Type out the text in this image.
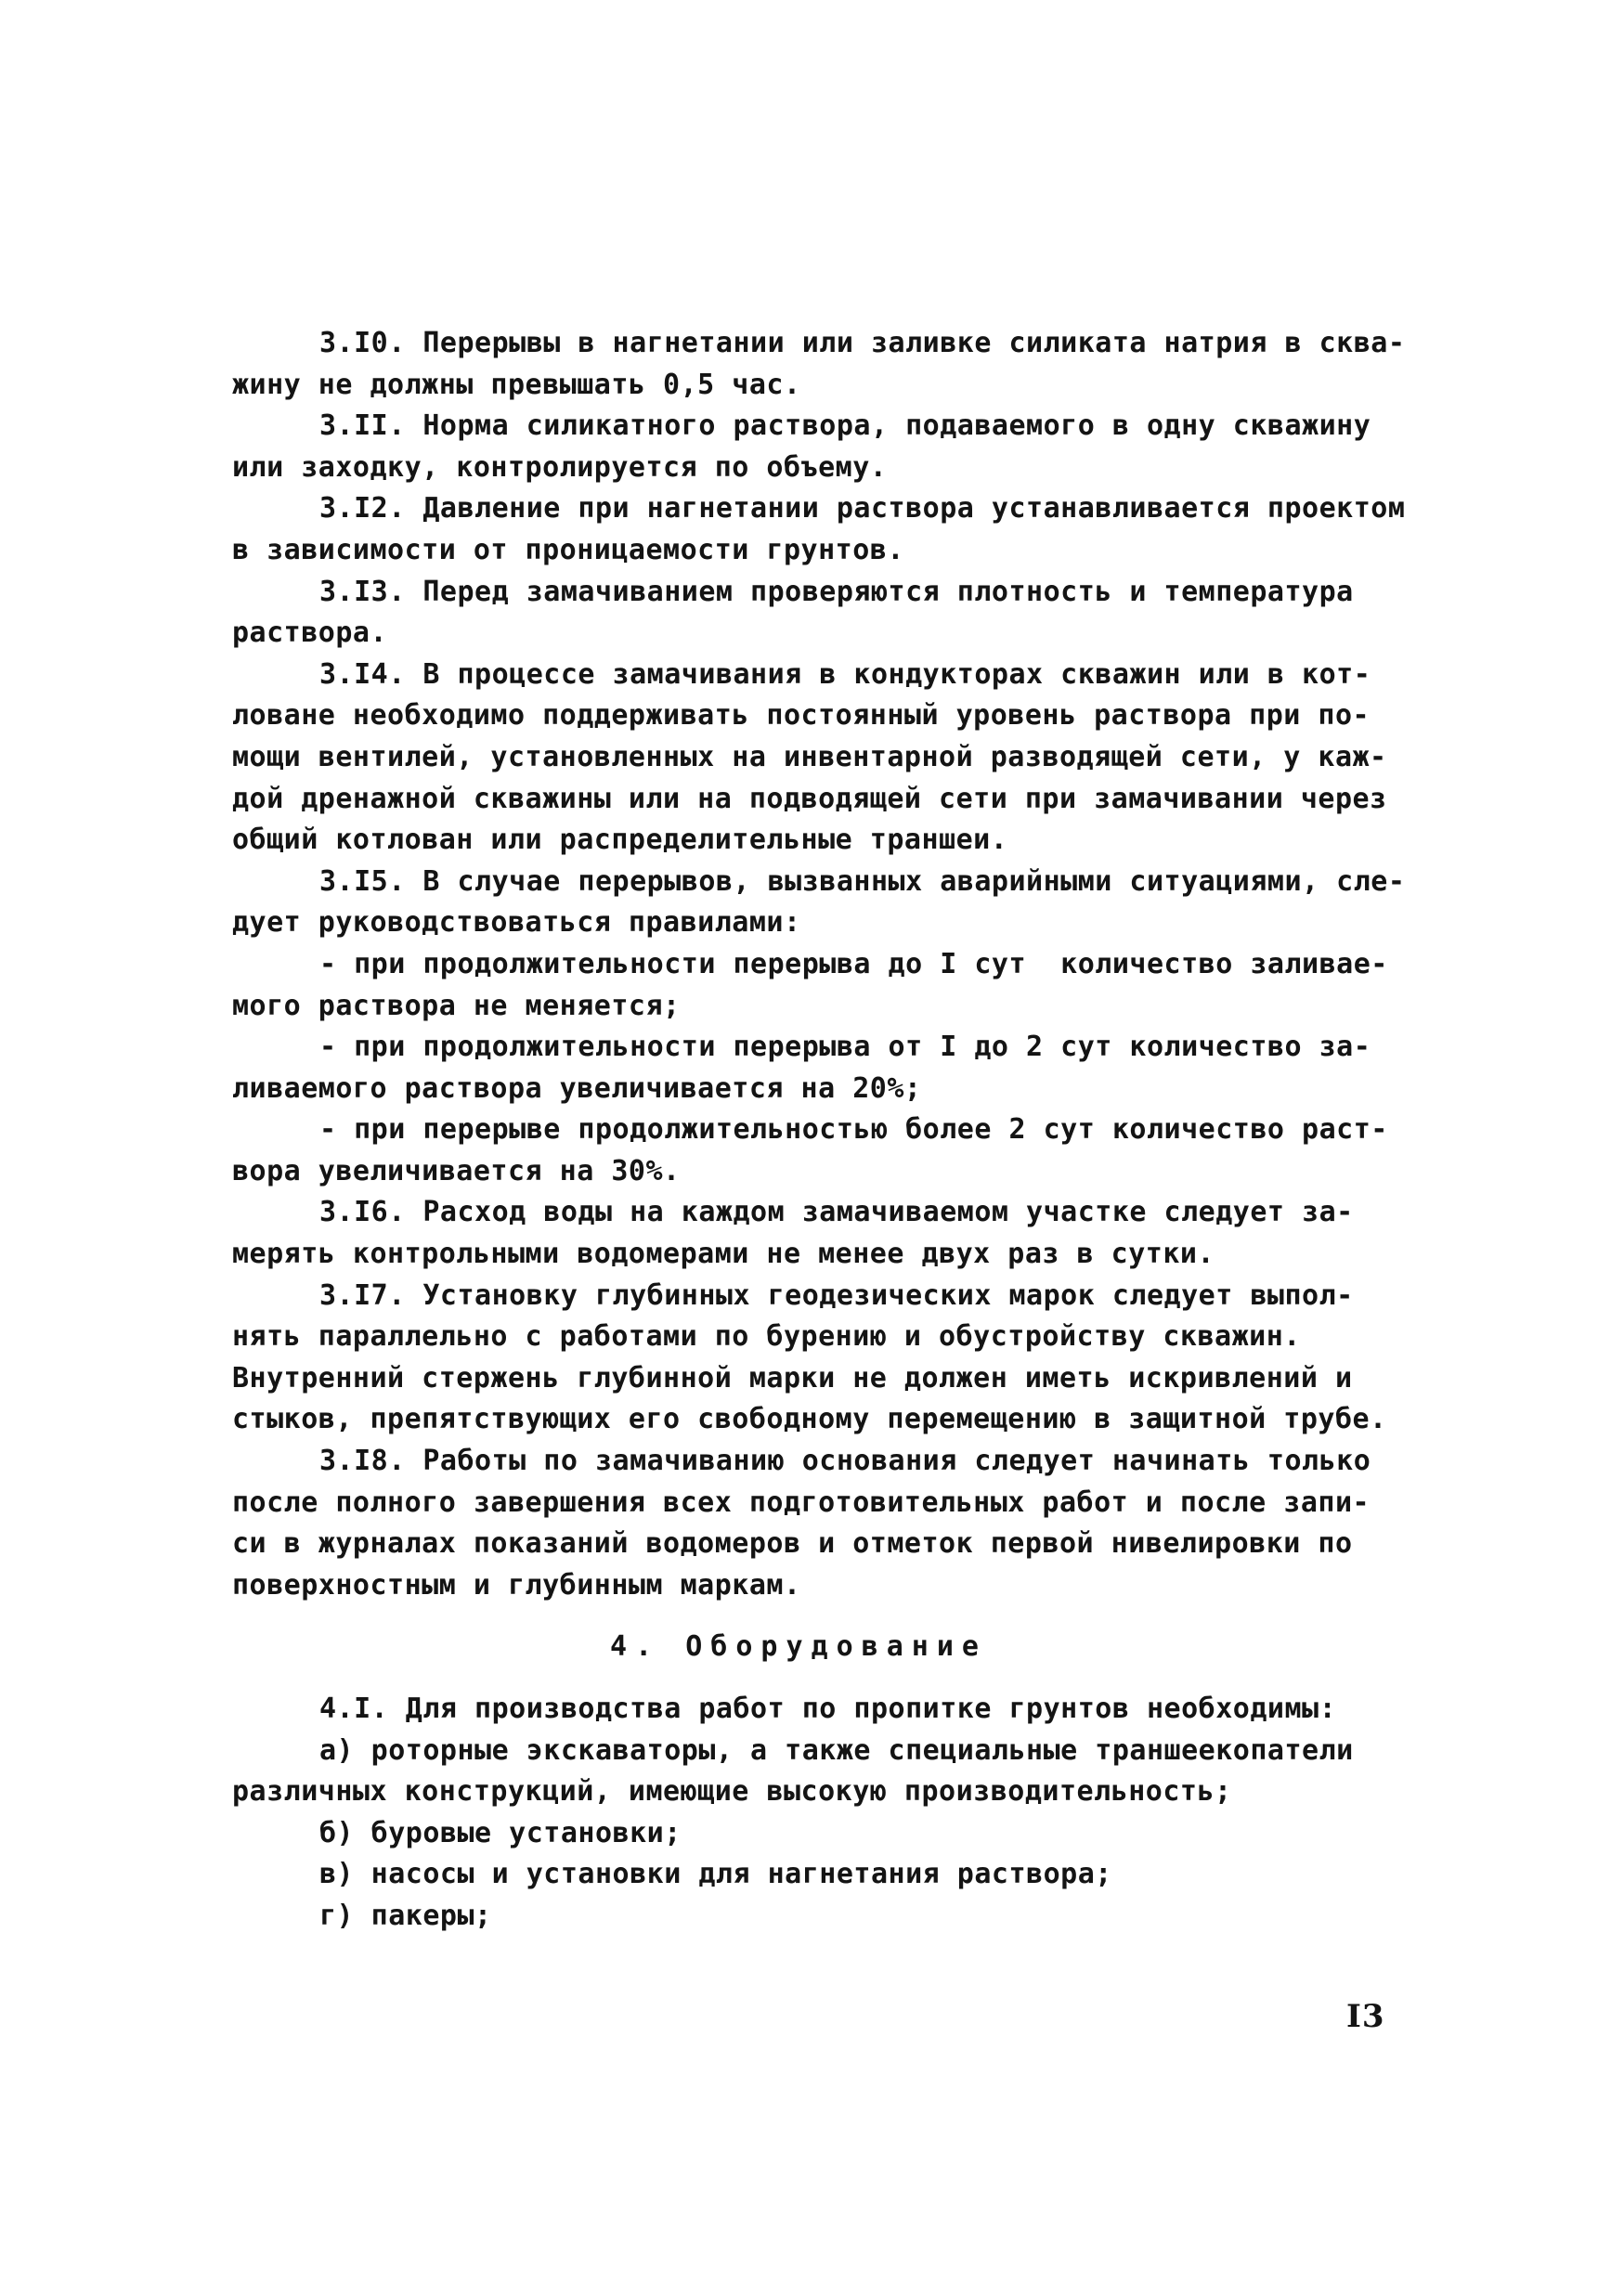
3.I0. Перерывы в нагнетании или заливке силиката натрия в сква-
жину не должны превышать 0,5 час.
3.II. Норма силикатного раствора, подаваемого в одну скважину
или заходку, контролируется по объему.
3.I2. Давление при нагнетании раствора устанавливается проектом
в зависимости от проницаемости грунтов.
3.I3. Перед замачиванием проверяются плотность и температура
раствора.
3.I4. В процессе замачивания в кондукторах скважин или в кот-
ловане необходимо поддерживать постоянный уровень раствора при по-
мощи вентилей, установленных на инвентарной разводящей сети, у каж-
дой дренажной скважины или на подводящей сети при замачивании через
общий котлован или распределительные траншеи.
3.I5. В случае перерывов, вызванных аварийными ситуациями, сле-
дует руководствоваться правилами:
- при продолжительности перерыва до I сут  количество заливае-
мого раствора не меняется;
- при продолжительности перерыва от I до 2 сут количество за-
ливаемого раствора увеличивается на 20%;
- при перерыве продолжительностью более 2 сут количество раст-
вора увеличивается на 30%.
3.I6. Расход воды на каждом замачиваемом участке следует за-
мерять контрольными водомерами не менее двух раз в сутки.
3.I7. Установку глубинных геодезических марок следует выпол-
нять параллельно с работами по бурению и обустройству скважин.
Внутренний стержень глубинной марки не должен иметь искривлений и
стыков, препятствующих его свободному перемещению в защитной трубе.
3.I8. Работы по замачиванию основания следует начинать только
после полного завершения всех подготовительных работ и после запи-
си в журналах показаний водомеров и отметок первой нивелировки по
поверхностным и глубинным маркам.
4. Оборудование
4.I. Для производства работ по пропитке грунтов необходимы:
а) роторные экскаваторы, а также специальные траншеекопатели
различных конструкций, имеющие высокую производительность;
б) буровые установки;
в) насосы и установки для нагнетания раствора;
г) пакеры;
I3
